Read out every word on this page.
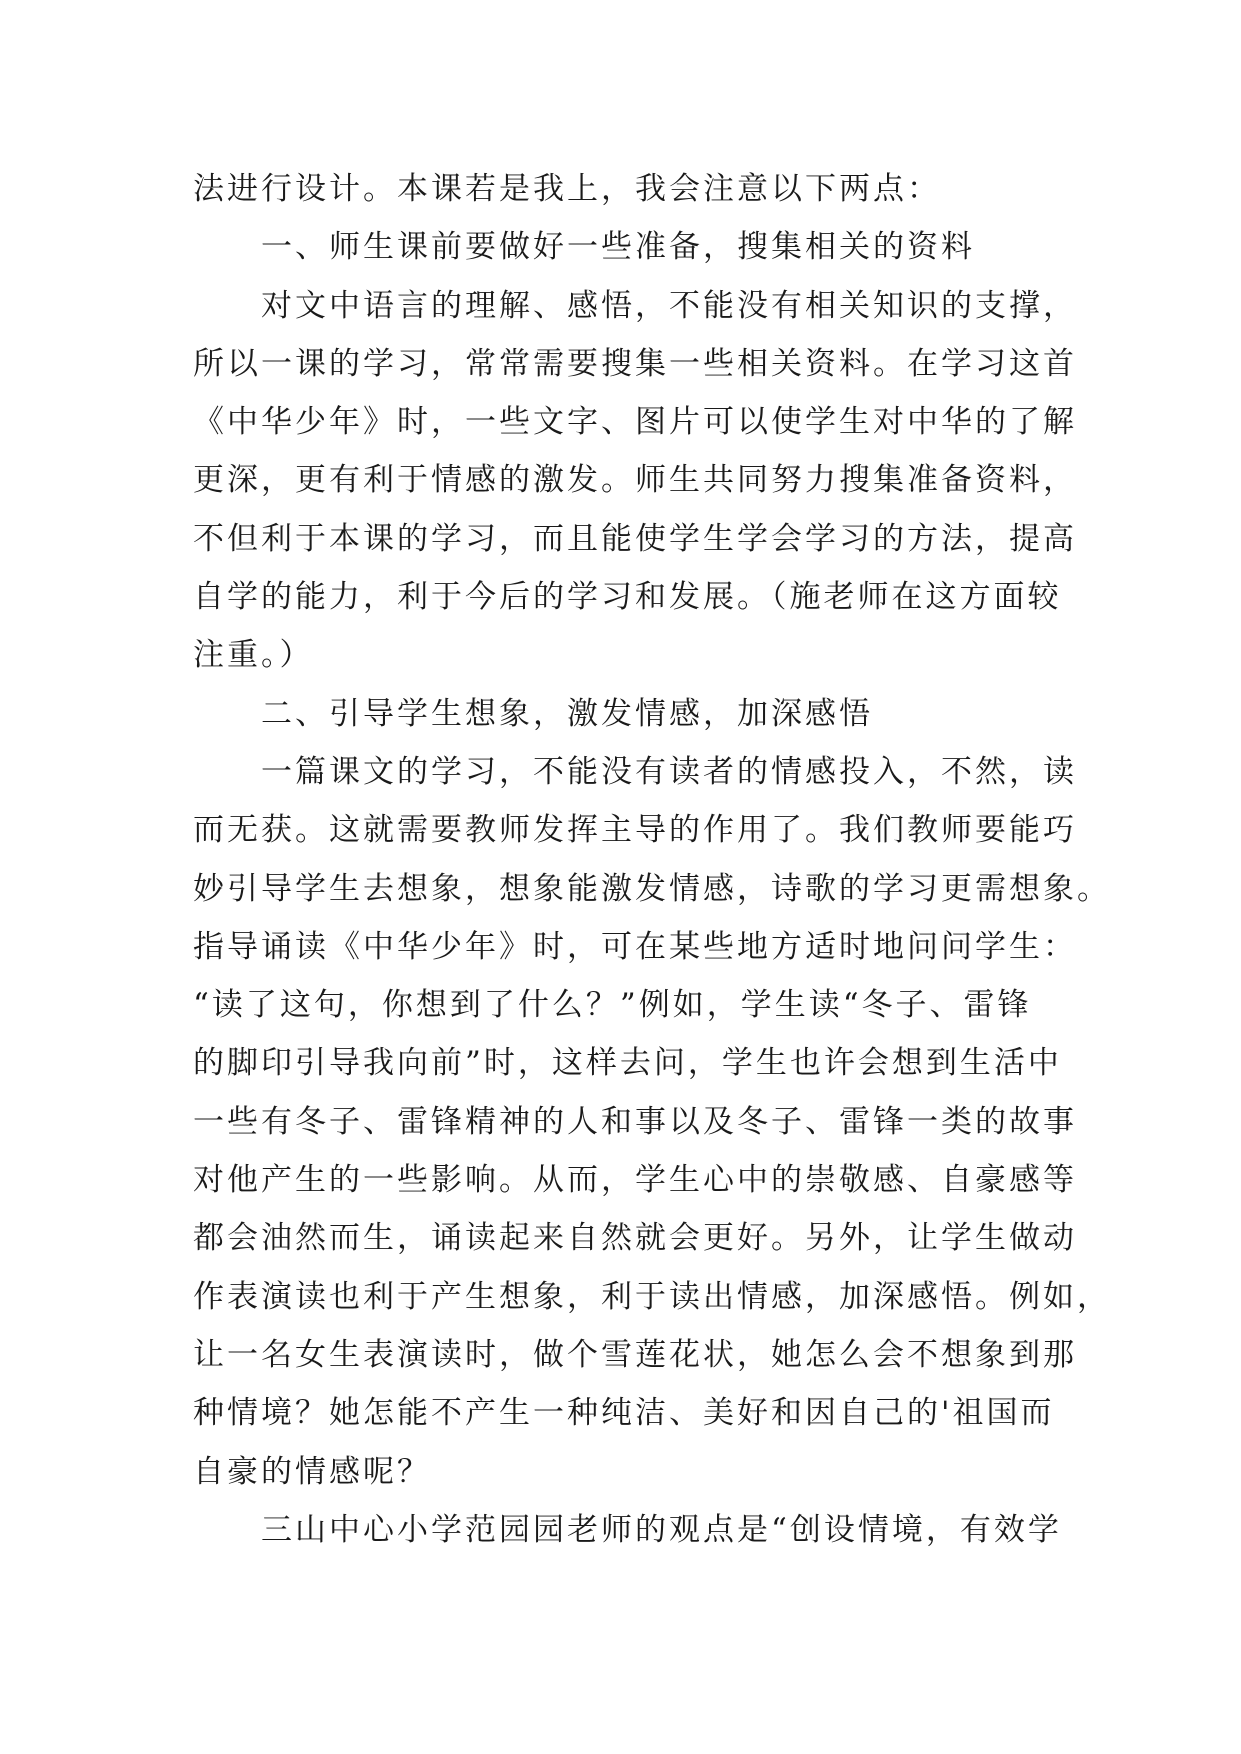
法进行设计。本课若是我上，我会注意以下两点：
一、师生课前要做好一些准备，搜集相关的资料
对文中语言的理解、感悟，不能没有相关知识的支撑，
所以一课的学习，常常需要搜集一些相关资料。在学习这首
《中华少年》时，一些文字、图片可以使学生对中华的了解
更深，更有利于情感的激发。师生共同努力搜集准备资料，
不但利于本课的学习，而且能使学生学会学习的方法，提高
自学的能力，利于今后的学习和发展。（施老师在这方面较
注重。）
二、引导学生想象，激发情感，加深感悟
一篇课文的学习，不能没有读者的情感投入，不然，读
而无获。这就需要教师发挥主导的作用了。我们教师要能巧
妙引导学生去想象，想象能激发情感，诗歌的学习更需想象。
指导诵读《中华少年》时，可在某些地方适时地问问学生：
“读了这句，你想到了什么？”例如，学生读“冬子、雷锋
的脚印引导我向前”时，这样去问，学生也许会想到生活中
一些有冬子、雷锋精神的人和事以及冬子、雷锋一类的故事
对他产生的一些影响。从而，学生心中的崇敬感、自豪感等
都会油然而生，诵读起来自然就会更好。另外，让学生做动
作表演读也利于产生想象，利于读出情感，加深感悟。例如，
让一名女生表演读时，做个雪莲花状，她怎么会不想象到那
种情境？她怎能不产生一种纯洁、美好和因自己的'祖国而
自豪的情感呢？
三山中心小学范园园老师的观点是“创设情境，有效学
